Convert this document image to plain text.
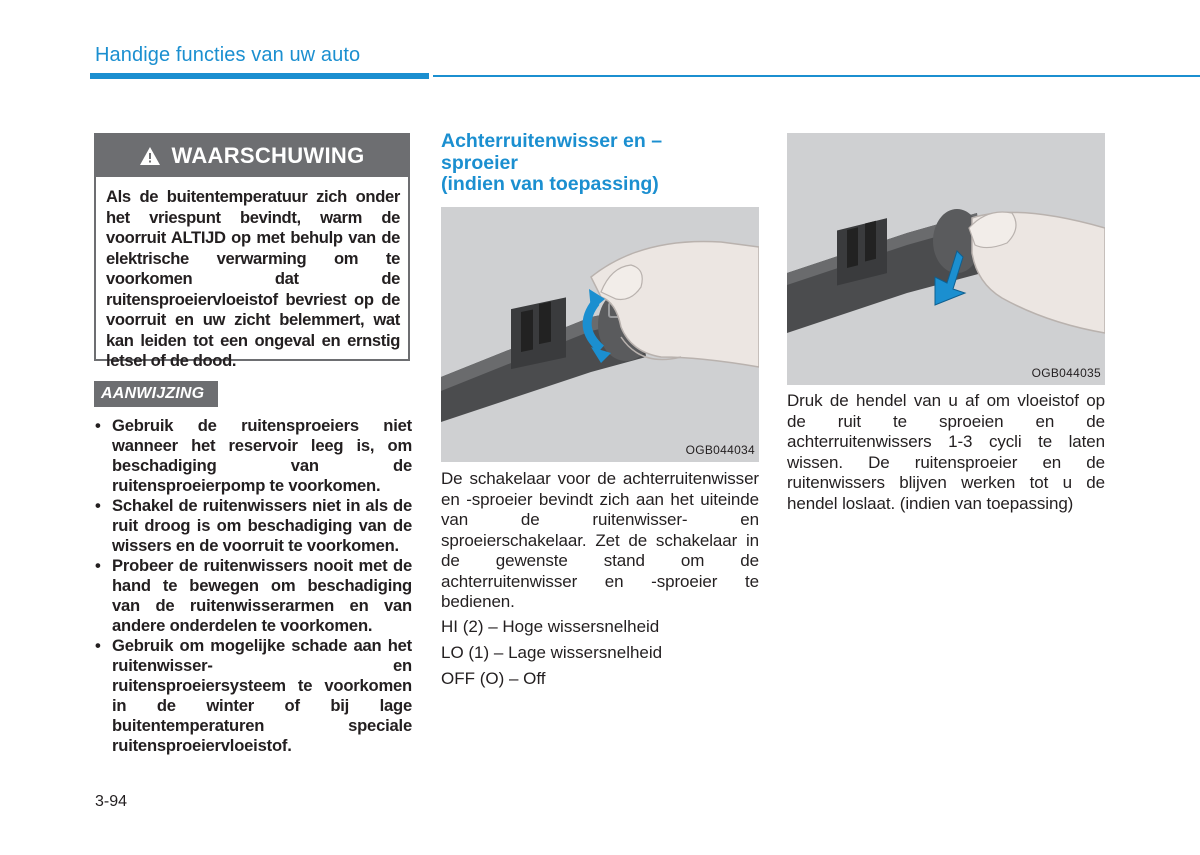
Handige functies van uw auto
WAARSCHUWING
Als de buitentemperatuur zich onder het vriespunt bevindt, warm de voorruit ALTIJD op met behulp van de elektrische verwarming om te voorkomen dat de ruitensproeiervloeistof bevriest op de voorruit en uw zicht belemmert, wat kan leiden tot een ongeval en ernstig letsel of de dood.
AANWIJZING
• Gebruik de ruitensproeiers niet wanneer het reservoir leeg is, om beschadiging van de ruitensproeierpomp te voorkomen.
• Schakel de ruitenwissers niet in als de ruit droog is om beschadiging van de wissers en de voorruit te voorkomen.
• Probeer de ruitenwissers nooit met de hand te bewegen om beschadiging van de ruitenwisserarmen en van andere onderdelen te voorkomen.
• Gebruik om mogelijke schade aan het ruitenwisser- en ruitensproeiersysteem te voorkomen in de winter of bij lage buitentemperaturen speciale ruitensproeiervloeistof.
3-94
Achterruitenwisser en –
sproeier
(indien van toepassing)
OGB044034
De schakelaar voor de achterruitenwisser en -sproeier bevindt zich aan het uiteinde van de ruitenwisser- en sproeierschakelaar. Zet de schakelaar in de gewenste stand om de achterruitenwisser en -sproeier te bedienen.
HI (2) – Hoge wissersnelheid
LO (1) – Lage wissersnelheid
OFF (O) – Off
OGB044035
Druk de hendel van u af om vloeistof op de ruit te sproeien en de achterruitenwissers 1-3 cycli te laten wissen. De ruitensproeier en de ruitenwissers blijven werken tot u de hendel loslaat. (indien van toepassing)
